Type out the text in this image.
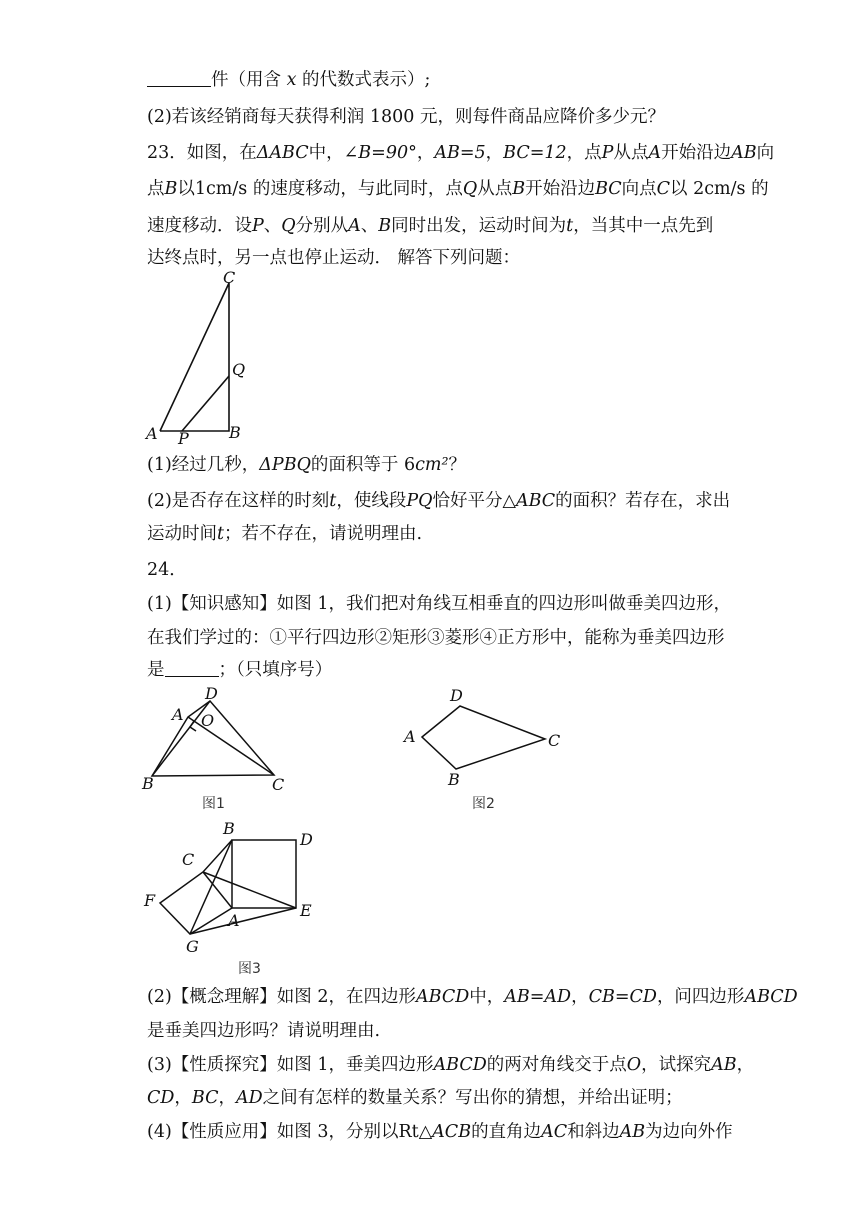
件（用含 x 的代数式表示）;
(2)若该经销商每天获得利润 1800 元，则每件商品应降价多少元？
23．如图，在ΔABC中，∠B=90°，AB=5，BC=12，点P从点A开始沿边AB向
点B以1cm/s 的速度移动，与此同时，点Q从点B开始沿边BC向点C以 2cm/s 的
速度移动．设P、Q分别从A、B同时出发，运动时间为t，当其中一点先到
达终点时，另一点也停止运动． 解答下列问题：
C
Q
A P	B
(1)经过几秒，ΔPBQ的面积等于 6cm²？
(2)是否存在这样的时刻t，使线段PQ恰好平分△ABC的面积？若存在，求出
运动时间t；若不存在，请说明理由.
24．
(1)【知识感知】如图 1，我们把对角线互相垂直的四边形叫做垂美四边形，
在我们学过的：①平行四边形②矩形③菱形④正方形中，能称为垂美四边形
是	；（只填序号）
D
A O
B	C
图1
D
A	C
B
图2
B
D
C
F
A
E
G
图3
(2)【概念理解】如图 2，在四边形ABCD中，AB=AD，CB=CD，问四边形ABCD
是垂美四边形吗？请说明理由.
(3)【性质探究】如图 1，垂美四边形ABCD的两对角线交于点O，试探究AB，
CD，BC，AD之间有怎样的数量关系？写出你的猜想，并给出证明；
(4)【性质应用】如图 3，分别以Rt△ACB的直角边AC和斜边AB为边向外作
